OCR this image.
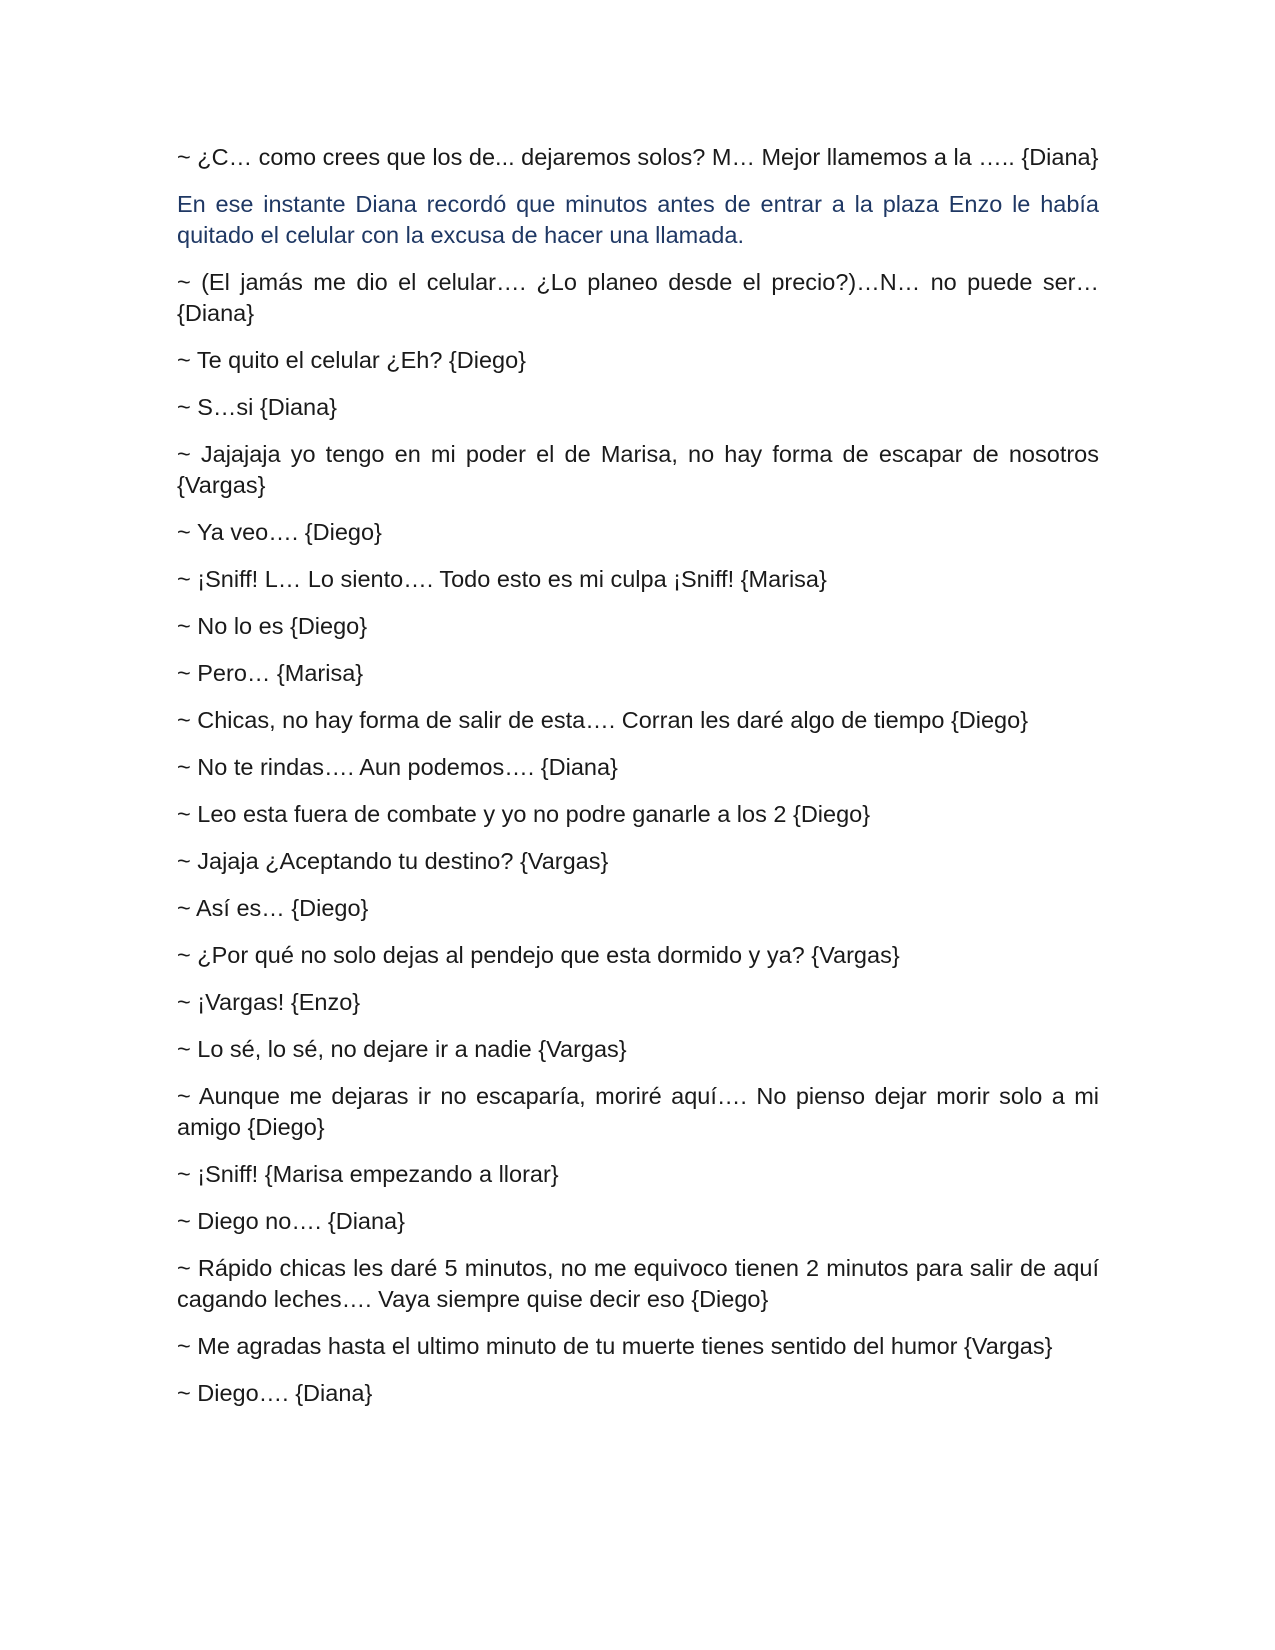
~ ¿C… como crees que los de... dejaremos solos? M… Mejor llamemos a la ….. {Diana}

En ese instante Diana recordó que minutos antes de entrar a la plaza Enzo le había quitado el celular con la excusa de hacer una llamada.

~ (El jamás me dio el celular…. ¿Lo planeo desde el precio?)…N… no puede ser… {Diana}

~ Te quito el celular ¿Eh? {Diego}

~ S…si {Diana}

~ Jajajaja yo tengo en mi poder el de Marisa, no hay forma de escapar de nosotros {Vargas}

~ Ya veo…. {Diego}

~ ¡Sniff! L… Lo siento…. Todo esto es mi culpa ¡Sniff! {Marisa}

~ No lo es {Diego}

~ Pero… {Marisa}

~ Chicas, no hay forma de salir de esta…. Corran les daré algo de tiempo {Diego}

~ No te rindas…. Aun podemos…. {Diana}

~ Leo esta fuera de combate y yo no podre ganarle a los 2 {Diego}

~ Jajaja ¿Aceptando tu destino? {Vargas}

~ Así es… {Diego}

~ ¿Por qué no solo dejas al pendejo que esta dormido y ya? {Vargas}

~ ¡Vargas! {Enzo}

~ Lo sé, lo sé, no dejare ir a nadie {Vargas}

~ Aunque me dejaras ir no escaparía, moriré aquí…. No pienso dejar morir solo a mi amigo {Diego}

~ ¡Sniff! {Marisa empezando a llorar}

~ Diego no…. {Diana}

~ Rápido chicas les daré 5 minutos, no me equivoco tienen 2 minutos para salir de aquí cagando leches…. Vaya siempre quise decir eso {Diego}

~ Me agradas hasta el ultimo minuto de tu muerte tienes sentido del humor {Vargas}

~ Diego…. {Diana}
